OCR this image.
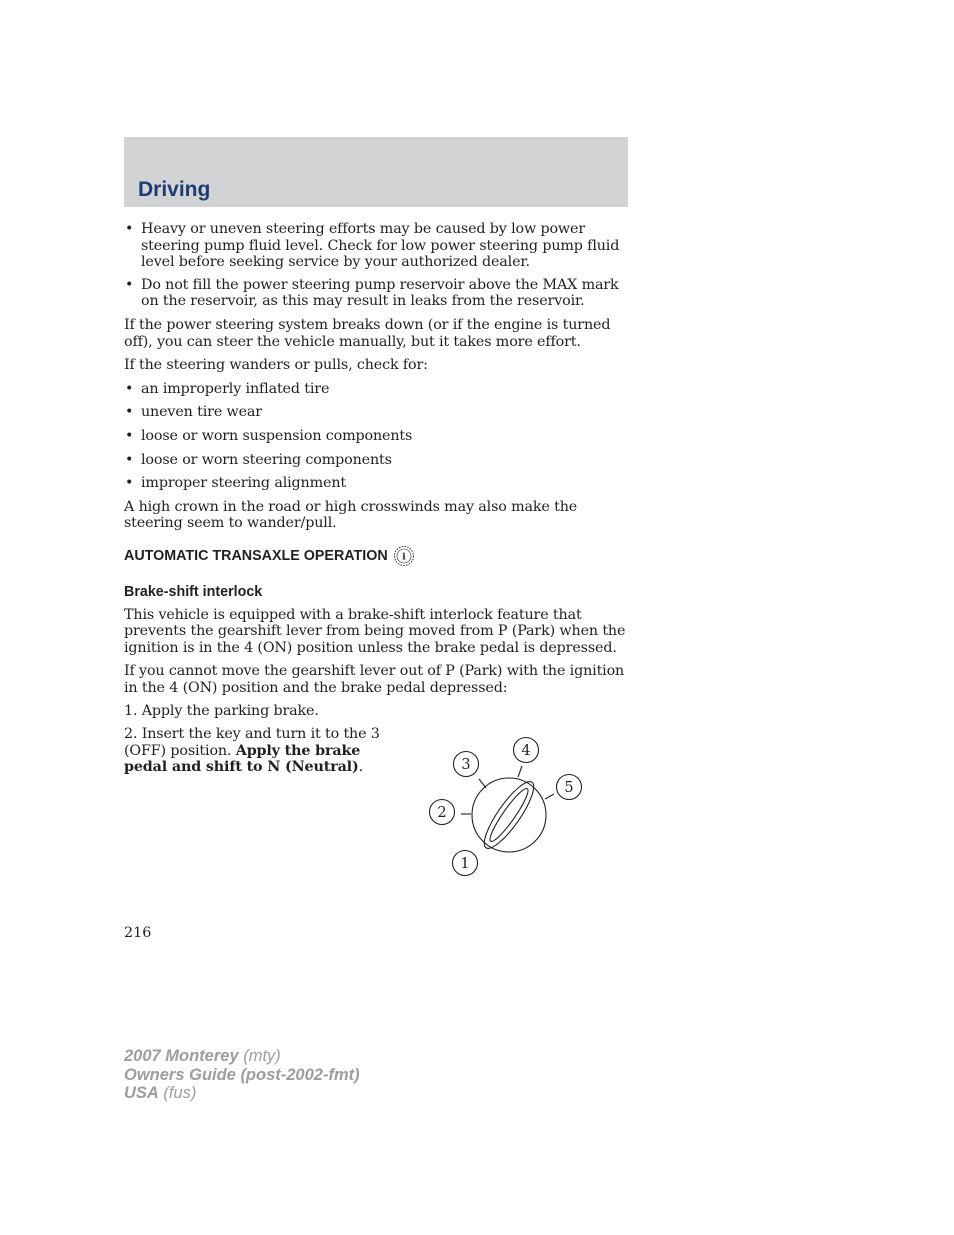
Driving
• Heavy or uneven steering efforts may be caused by low power steering pump fluid level. Check for low power steering pump fluid level before seeking service by your authorized dealer.
• Do not fill the power steering pump reservoir above the MAX mark on the reservoir, as this may result in leaks from the reservoir.

If the power steering system breaks down (or if the engine is turned off), you can steer the vehicle manually, but it takes more effort.

If the steering wanders or pulls, check for:

• an improperly inflated tire
• uneven tire wear
• loose or worn suspension components
• loose or worn steering components
• improper steering alignment

A high crown in the road or high crosswinds may also make the steering seem to wander/pull.

AUTOMATIC TRANSAXLE OPERATION i
Brake-shift interlock

This vehicle is equipped with a brake-shift interlock feature that prevents the gearshift lever from being moved from P (Park) when the ignition is in the 4 (ON) position unless the brake pedal is depressed.

If you cannot move the gearshift lever out of P (Park) with the ignition in the 4 (ON) position and the brake pedal depressed:

1. Apply the parking brake.

2. Insert the key and turn it to the 3 (OFF) position. Apply the brake pedal and shift to N (Neutral).

1
2
3
4
5
216
2007 Monterey (mty)
Owners Guide (post-2002-fmt)
USA (fus)
